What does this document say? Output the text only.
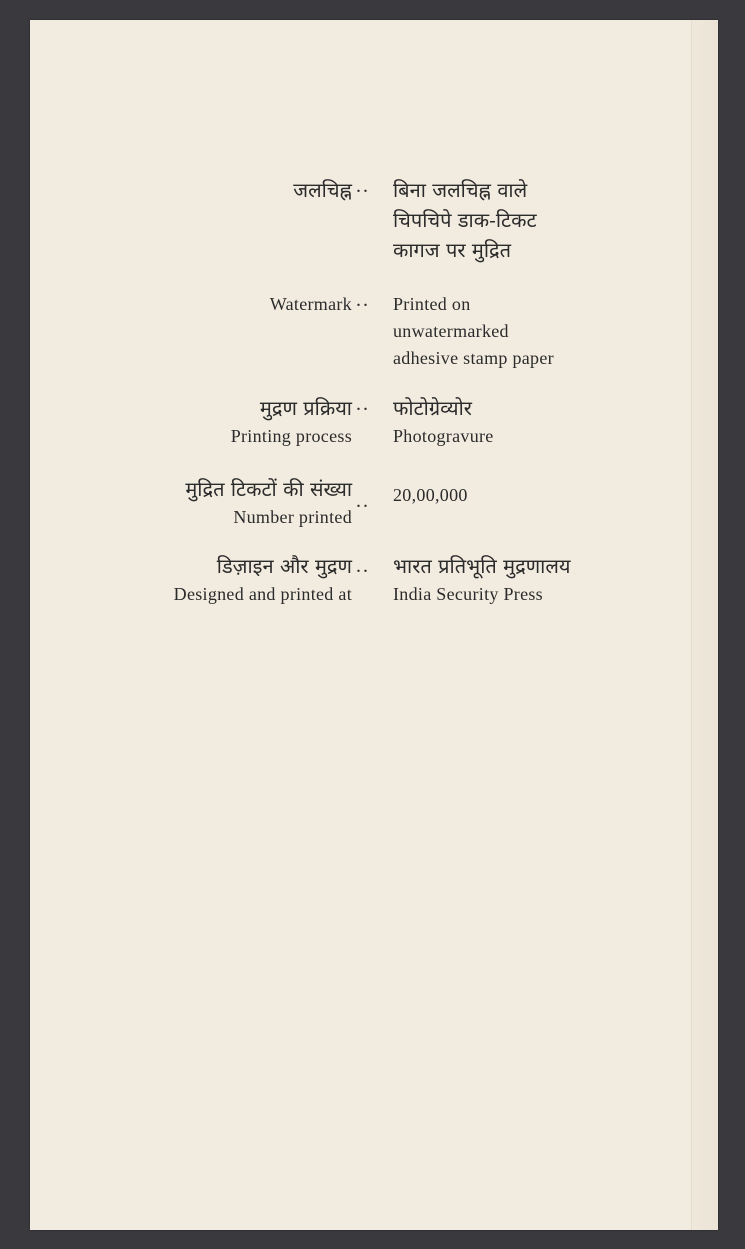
जलचिह्न .. बिना जलचिह्न वाले
चिपचिपे डाक-टिकट
कागज पर मुद्रित
Watermark .. Printed on
unwatermarked
adhesive stamp paper
मुद्रण प्रक्रिया
Printing process
.. फोटोग्रेव्योर
Photogravure
मुद्रित टिकटों की संख्या
Number printed
.. 20,00,000
डिज़ाइन और मुद्रण
Designed and printed at
.. भारत प्रतिभूति मुद्रणालय
India Security Press
